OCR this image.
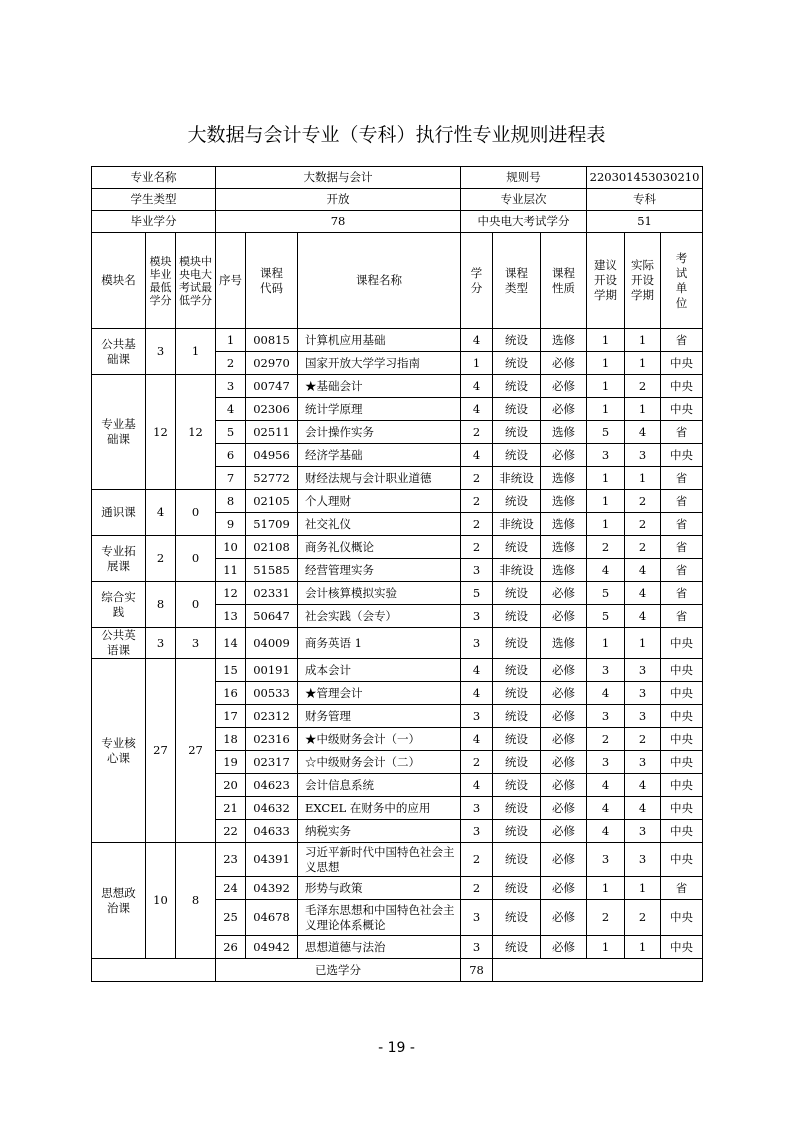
大数据与会计专业（专科）执行性专业规则进程表
专业名称			大数据与会计			规则号			220301453030210		
学生类型			开放			专业层次			专科		
毕业学分			78			中央电大考试学分			51		
模块名	模块毕业最低学分	模块中央电大考试最低学分	序号	课程代码	课程名称	学分	课程类型	课程性质	建议开设学期	实际开设学期	考试单位
公共基础课	3	1	1	00815	计算机应用基础	4	统设	选修	1	1	省
			2	02970	国家开放大学学习指南	1	统设	必修	1	1	中央
专业基础课	12	12	3	00747	★基础会计	4	统设	必修	1	2	中央
			4	02306	统计学原理	4	统设	必修	1	1	中央
			5	02511	会计操作实务	2	统设	选修	5	4	省
			6	04956	经济学基础	4	统设	必修	3	3	中央
			7	52772	财经法规与会计职业道德	2	非统设	选修	1	1	省
通识课	4	0	8	02105	个人理财	2	统设	选修	1	2	省
			9	51709	社交礼仪	2	非统设	选修	1	2	省
专业拓展课	2	0	10	02108	商务礼仪概论	2	统设	选修	2	2	省
			11	51585	经营管理实务	3	非统设	选修	4	4	省
综合实践	8	0	12	02331	会计核算模拟实验	5	统设	必修	5	4	省
			13	50647	社会实践（会专）	3	统设	必修	5	4	省
公共英语课	3	3	14	04009	商务英语 1	3	统设	选修	1	1	中央
专业核心课	27	27	15	00191	成本会计	4	统设	必修	3	3	中央
			16	00533	★管理会计	4	统设	必修	4	3	中央
			17	02312	财务管理	3	统设	必修	3	3	中央
			18	02316	★中级财务会计（一）	4	统设	必修	2	2	中央
			19	02317	☆中级财务会计（二）	2	统设	必修	3	3	中央
			20	04623	会计信息系统	4	统设	必修	4	4	中央
			21	04632	EXCEL 在财务中的应用	3	统设	必修	4	4	中央
			22	04633	纳税实务	3	统设	必修	4	3	中央
思想政治课	10	8	23	04391	习近平新时代中国特色社会主义思想	2	统设	必修	3	3	中央
			24	04392	形势与政策	2	统设	必修	1	1	省
			25	04678	毛泽东思想和中国特色社会主义理论体系概论	3	统设	必修	2	2	中央
			26	04942	思想道德与法治	3	统设	必修	1	1	中央
			已选学分			78					
- 19 -
